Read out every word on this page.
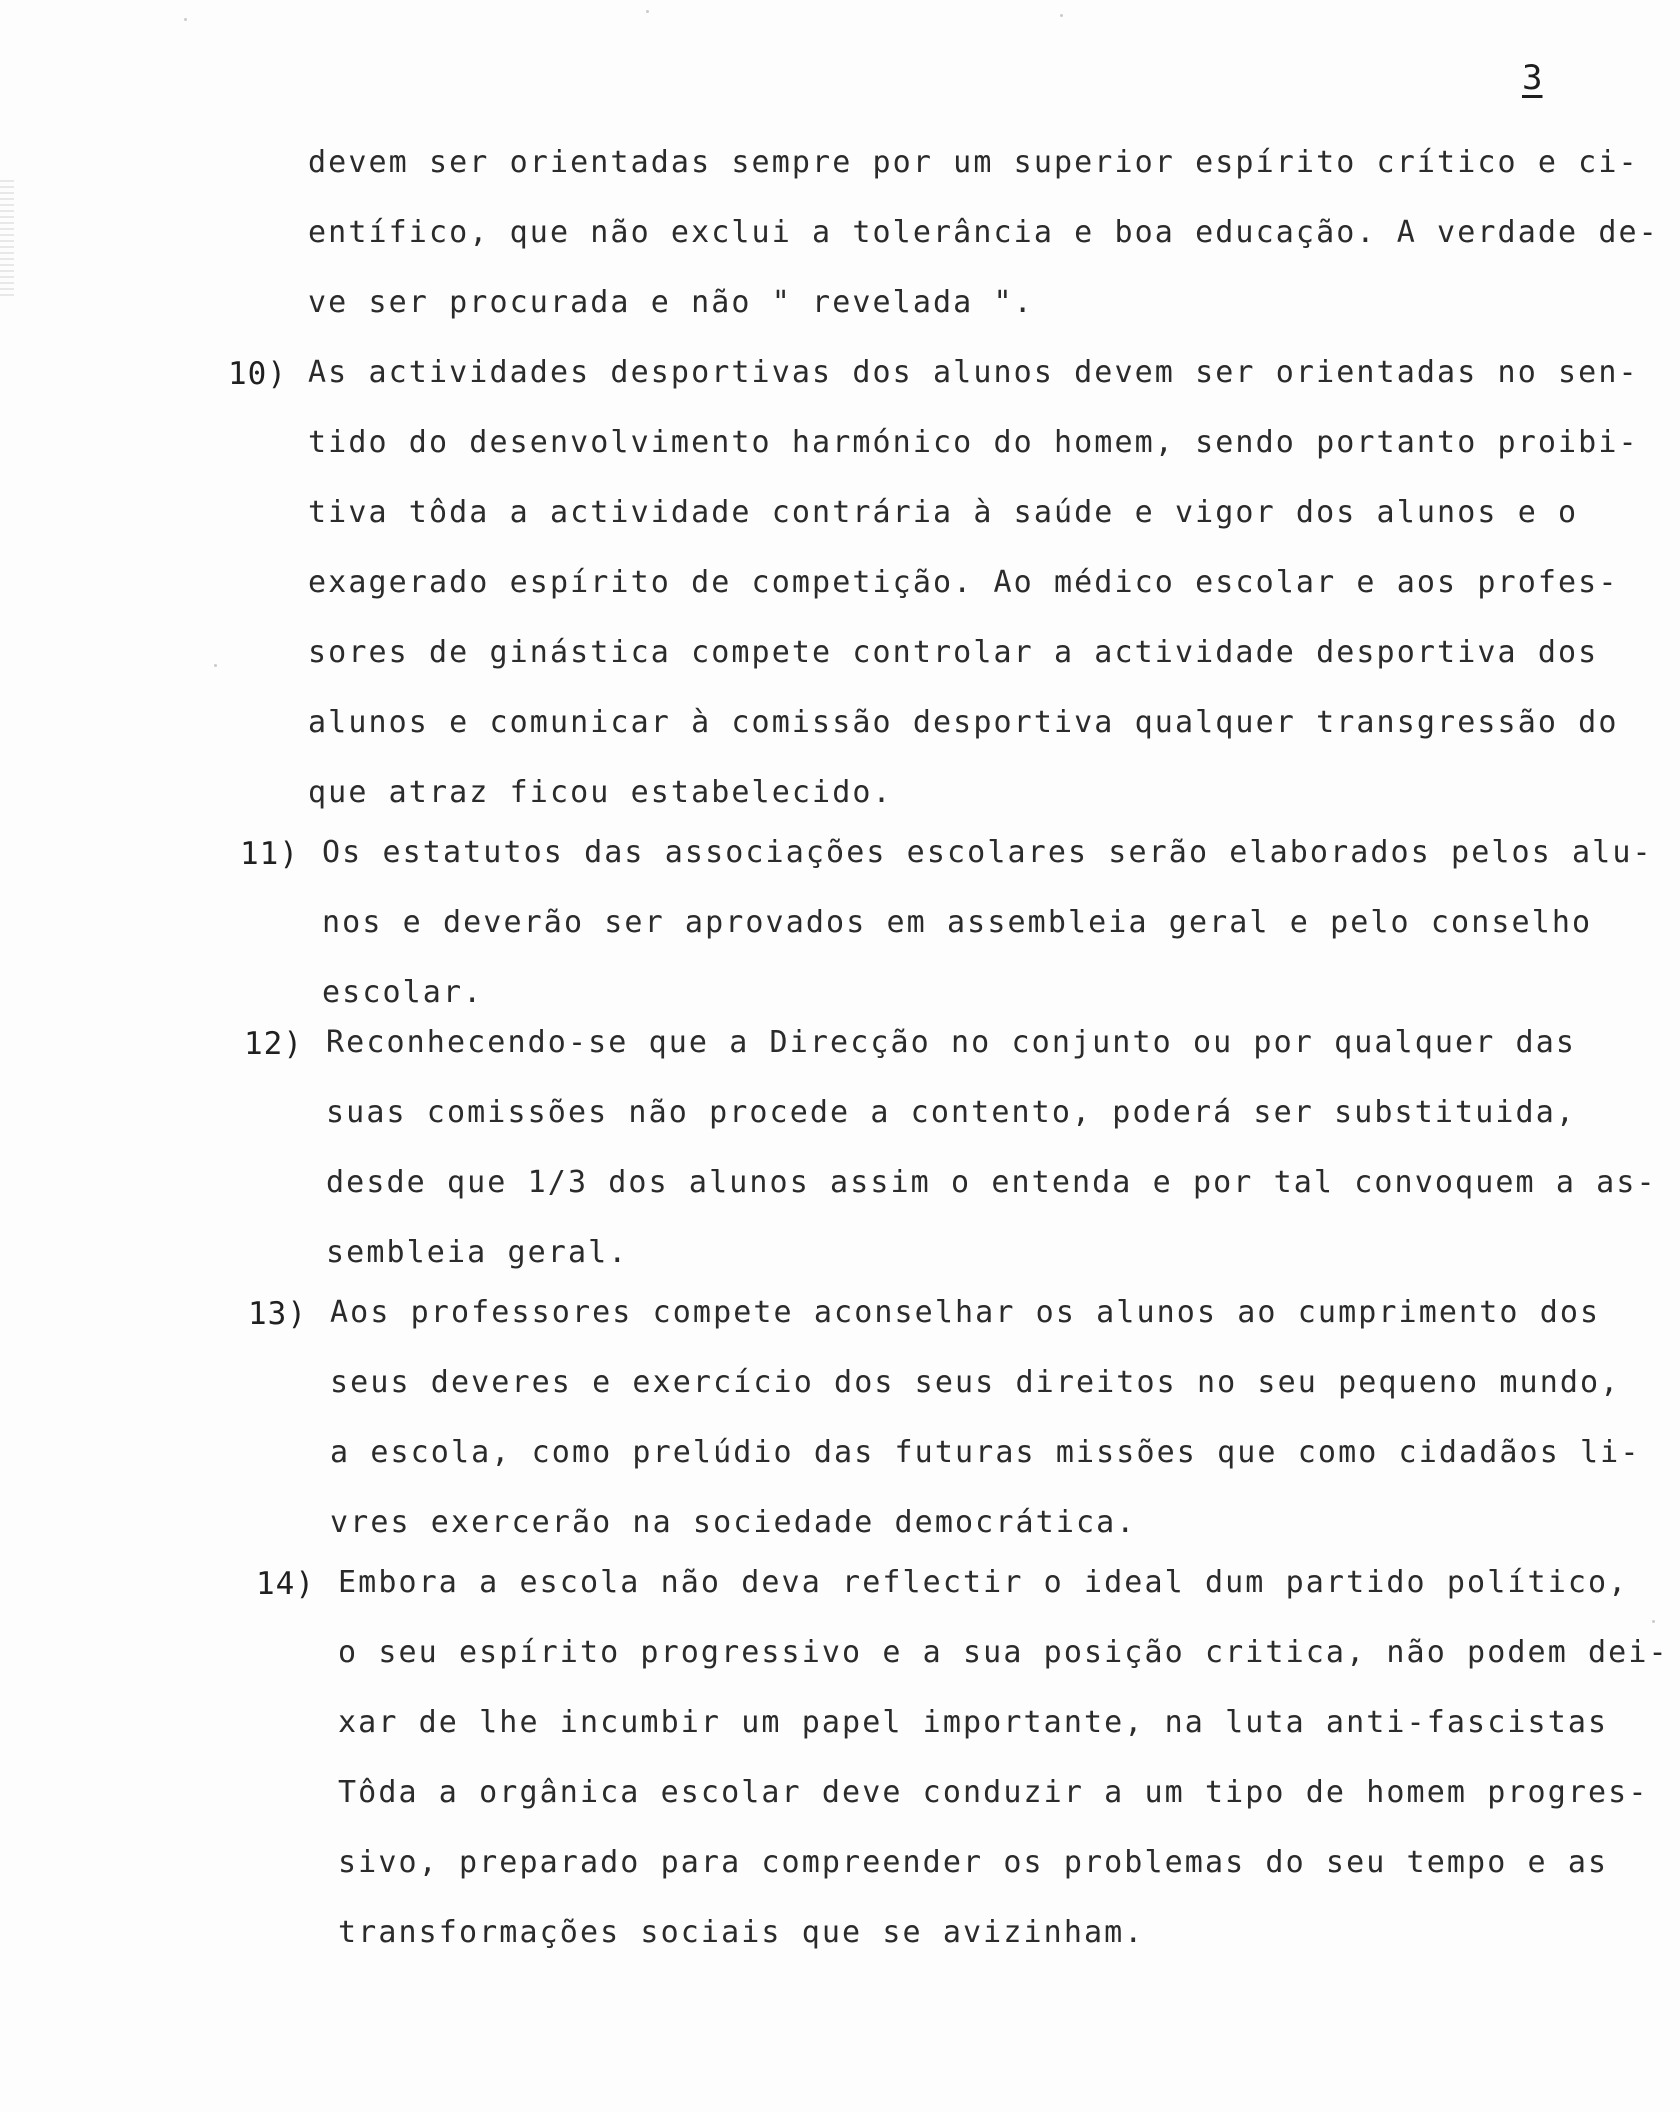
3
devem ser orientadas sempre por um superior espírito crítico e ci-
entífico, que não exclui a tolerância e boa educação. A verdade de-
ve ser procurada e não " revelada ".
10) As actividades desportivas dos alunos devem ser orientadas no sen-
tido do desenvolvimento harmónico do homem, sendo portanto proibi-
tiva tôda a actividade contrária à saúde e vigor dos alunos e o
exagerado espírito de competição. Ao médico escolar e aos profes-
sores de ginástica compete controlar a actividade desportiva dos
alunos e comunicar à comissão desportiva qualquer transgressão do
que atraz ficou estabelecido.
11) Os estatutos das associações escolares serão elaborados pelos alu-
nos e deverão ser aprovados em assembleia geral e pelo conselho
escolar.
12) Reconhecendo-se que a Direcção no conjunto ou por qualquer das
suas comissões não procede a contento, poderá ser substituida,
desde que 1/3 dos alunos assim o entenda e por tal convoquem a as-
sembleia geral.
13) Aos professores compete aconselhar os alunos ao cumprimento dos
seus deveres e exercício dos seus direitos no seu pequeno mundo,
a escola, como prelúdio das futuras missões que como cidadãos li-
vres exercerão na sociedade democrática.
14) Embora a escola não deva reflectir o ideal dum partido político,
o seu espírito progressivo e a sua posição critica, não podem dei-
xar de lhe incumbir um papel importante, na luta anti-fascistas
Tôda a orgânica escolar deve conduzir a um tipo de homem progres-
sivo, preparado para compreender os problemas do seu tempo e as
transformações sociais que se avizinham.
